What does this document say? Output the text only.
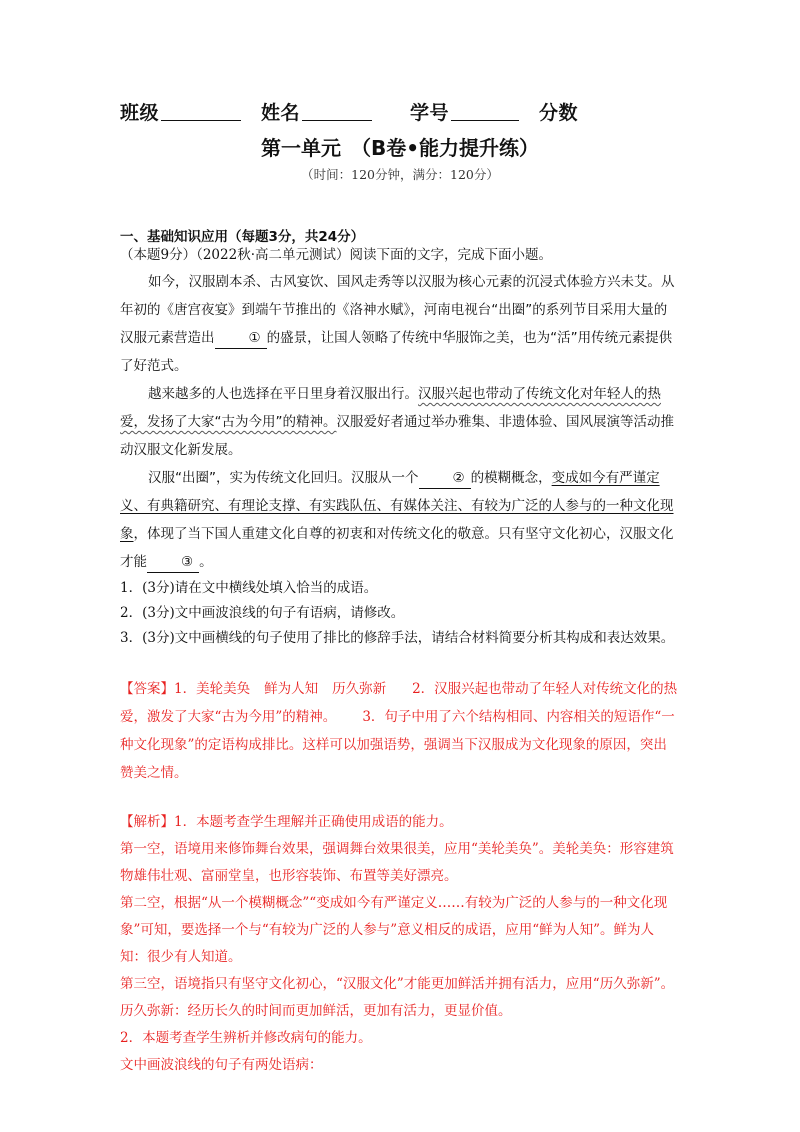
班级	姓名	学号	分数
第一单元　（B卷•能力提升练）
（时间：120分钟，满分：120分）
一、基础知识应用（每题3分，共24分）
（本题9分）（2022秋·高二单元测试）阅读下面的文字，完成下面小题。

如今，汉服剧本杀、古风宴饮、国风走秀等以汉服为核心元素的沉浸式体验方兴未艾。从年初的《唐宫夜宴》到端午节推出的《洛神水赋》，河南电视台“出圈”的系列节目采用大量的汉服元素营造出	① 的盛景，让国人领略了传统中华服饰之美，也为“活”用传统元素提供了好范式。

越来越多的人也选择在平日里身着汉服出行。汉服兴起也带动了传统文化对年轻人的热爱，发扬了大家“古为今用”的精神。汉服爱好者通过举办雅集、非遗体验、国风展演等活动推动汉服文化新发展。

汉服“出圈”，实为传统文化回归。汉服从一个	② 的模糊概念，变成如今有严谨定义、有典籍研究、有理论支撑、有实践队伍、有媒体关注、有较为广泛的人参与的一种文化现象，体现了当下国人重建文化自尊的初衷和对传统文化的敬意。只有坚守文化初心，汉服文化才能	③ 。

1．(3分)请在文中横线处填入恰当的成语。

2．(3分)文中画波浪线的句子有语病，请修改。

3．(3分)文中画横线的句子使用了排比的修辞手法，请结合材料简要分析其构成和表达效果。

【答案】1．美轮美奂 鲜为人知 历久弥新 2．汉服兴起也带动了年轻人对传统文化的热爱，激发了大家“古为今用”的精神。 3．句子中用了六个结构相同、内容相关的短语作“一种文化现象”的定语构成排比。这样可以加强语势，强调当下汉服成为文化现象的原因，突出赞美之情。
【解析】1．本题考查学生理解并正确使用成语的能力。
第一空，语境用来修饰舞台效果，强调舞台效果很美，应用“美轮美奂”。美轮美奂：形容建筑物雄伟壮观、富丽堂皇，也形容装饰、布置等美好漂亮。
第二空，根据“从一个模糊概念”“变成如今有严谨定义……有较为广泛的人参与的一种文化现象”可知，要选择一个与“有较为广泛的人参与”意义相反的成语，应用“鲜为人知”。鲜为人知：很少有人知道。
第三空，语境指只有坚守文化初心，“汉服文化”才能更加鲜活并拥有活力，应用“历久弥新”。历久弥新：经历长久的时间而更加鲜活，更加有活力，更显价值。
2．本题考查学生辨析并修改病句的能力。
文中画波浪线的句子有两处语病：
